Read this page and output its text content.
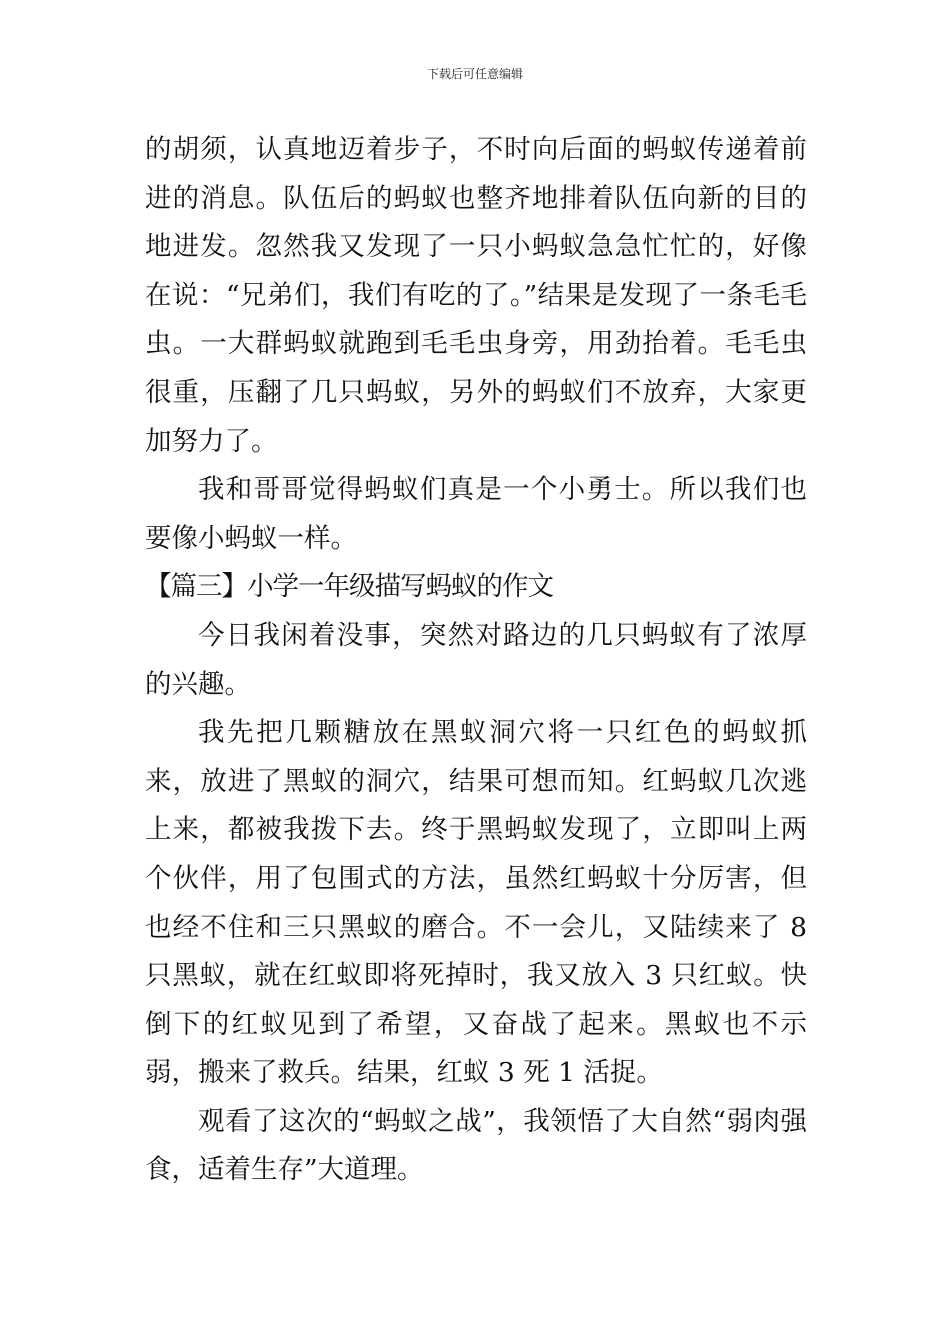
下载后可任意编辑

的胡须，认真地迈着步子，不时向后面的蚂蚁传递着前进的消息。队伍后的蚂蚁也整齐地排着队伍向新的目的地进发。忽然我又发现了一只小蚂蚁急急忙忙的，好像在说：“兄弟们，我们有吃的了。”结果是发现了一条毛毛虫。一大群蚂蚁就跑到毛毛虫身旁，用劲抬着。毛毛虫很重，压翻了几只蚂蚁，另外的蚂蚁们不放弃，大家更加努力了。

我和哥哥觉得蚂蚁们真是一个小勇士。所以我们也要像小蚂蚁一样。

【篇三】小学一年级描写蚂蚁的作文

今日我闲着没事，突然对路边的几只蚂蚁有了浓厚的兴趣。

我先把几颗糖放在黑蚁洞穴将一只红色的蚂蚁抓来，放进了黑蚁的洞穴，结果可想而知。红蚂蚁几次逃上来，都被我拨下去。终于黑蚂蚁发现了，立即叫上两个伙伴，用了包围式的方法，虽然红蚂蚁十分厉害，但也经不住和三只黑蚁的磨合。不一会儿，又陆续来了 8 只黑蚁，就在红蚁即将死掉时，我又放入 3 只红蚁。快倒下的红蚁见到了希望，又奋战了起来。黑蚁也不示弱，搬来了救兵。结果，红蚁 3 死 1 活捉。

观看了这次的“蚂蚁之战”，我领悟了大自然“弱肉强食，适着生存”大道理。
